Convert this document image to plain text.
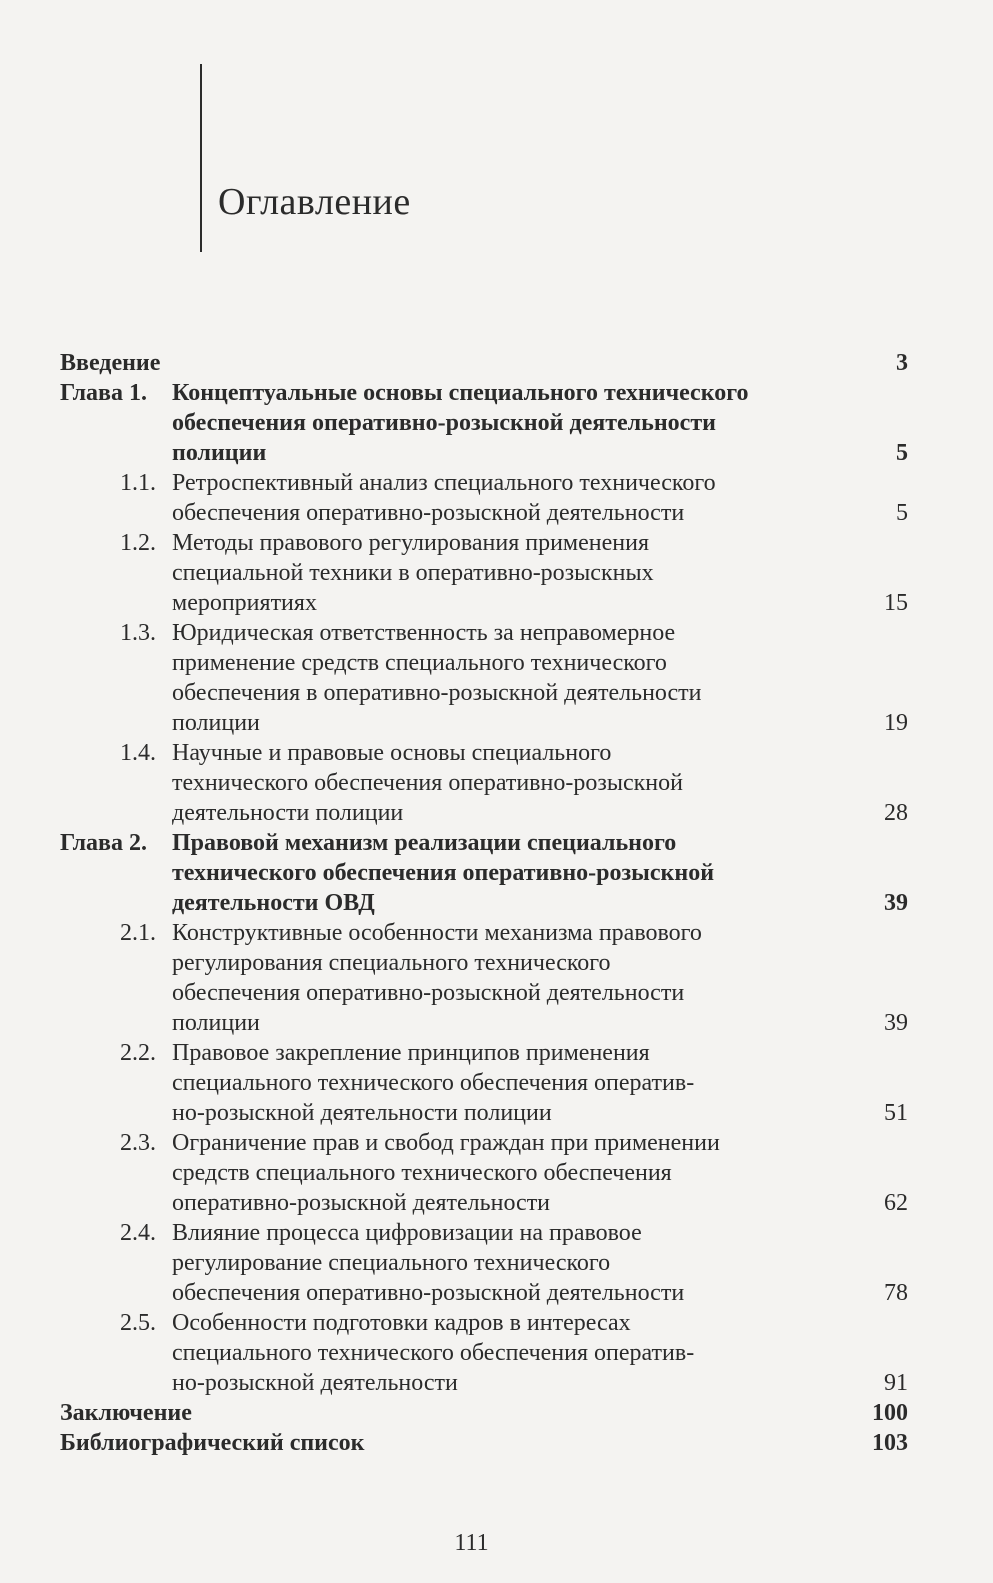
Оглавление
Введение	3
Глава 1. Концептуальные основы специального технического
обеспечения оперативно-розыскной деятельности
полиции	5
1.1. Ретроспективный анализ специального технического
обеспечения оперативно-розыскной деятельности	5
1.2. Методы правового регулирования применения
специальной техники в оперативно-розыскных
мероприятиях	15
1.3. Юридическая ответственность за неправомерное
применение средств специального технического
обеспечения в оперативно-розыскной деятельности
полиции	19
1.4. Научные и правовые основы специального
технического обеспечения оперативно-розыскной
деятельности полиции	28
Глава 2. Правовой механизм реализации специального
технического обеспечения оперативно-розыскной
деятельности ОВД	39
2.1. Конструктивные особенности механизма правового
регулирования специального технического
обеспечения оперативно-розыскной деятельности
полиции	39
2.2. Правовое закрепление принципов применения
специального технического обеспечения оператив-
но-розыскной деятельности полиции	51
2.3. Ограничение прав и свобод граждан при применении
средств специального технического обеспечения
оперативно-розыскной деятельности	62
2.4. Влияние процесса цифровизации на правовое
регулирование специального технического
обеспечения оперативно-розыскной деятельности	78
2.5. Особенности подготовки кадров в интересах
специального технического обеспечения оператив-
но-розыскной деятельности	91
Заключение	100
Библиографический список	103
111
